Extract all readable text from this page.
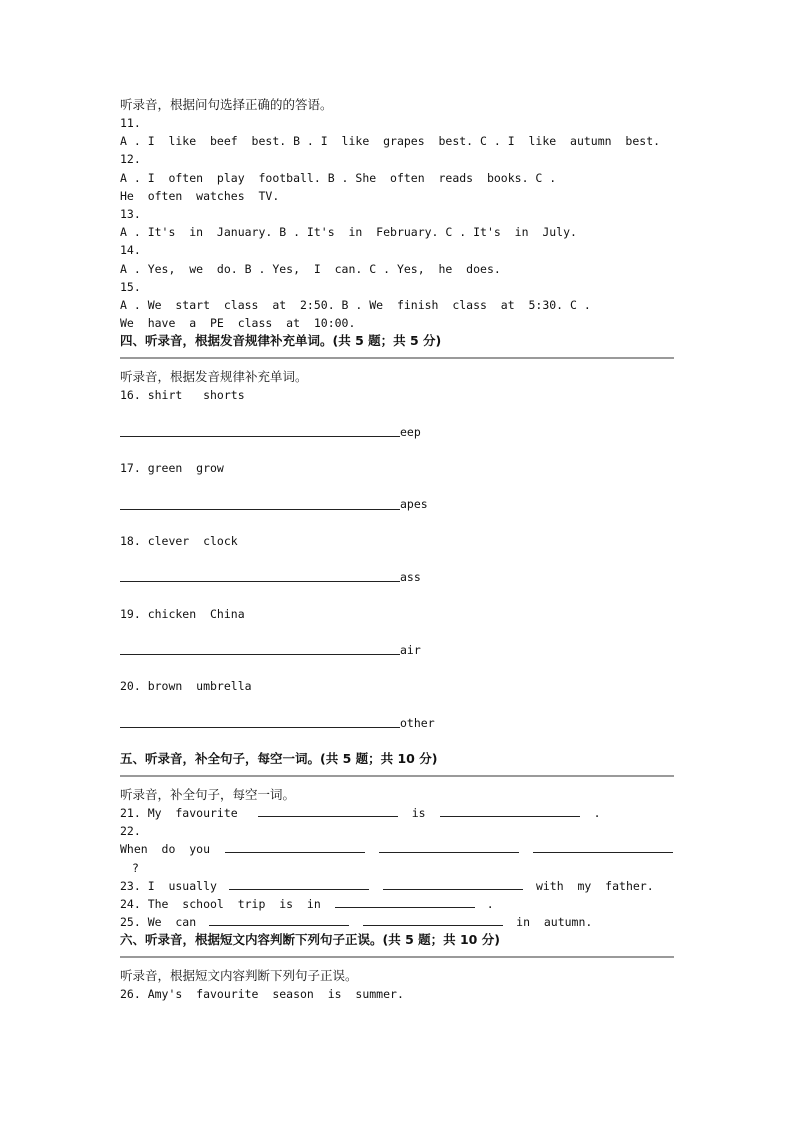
听录音，根据问句选择正确的的答语。
11.
A . I  like  beef  best. B . I  like  grapes  best. C . I  like  autumn  best.
12.
A . I  often  play  football. B . She  often  reads  books. C .
He  often  watches  TV.
13.
A . It's  in  January. B . It's  in  February. C . It's  in  July.
14.
A . Yes,  we  do. B . Yes,  I  can. C . Yes,  he  does.
15.
A . We  start  class  at  2:50. B . We  finish  class  at  5:30. C .
We  have  a  PE  class  at  10:00.
四、听录音，根据发音规律补充单词。(共 5 题；共 5 分)
听录音，根据发音规律补充单词。
16. shirt   shorts
eep
17. green  grow
apes
18. clever  clock
ass
19. chicken  China
air
20. brown  umbrella
other
五、听录音，补全句子，每空一词。(共 5 题；共 10 分)
听录音，补全句子，每空一词。
21. My  favourite	is	.
22.
When  do  you
?
23. I  usually	with  my  father.
24. The  school  trip  is  in	.
25. We  can	in  autumn.
六、听录音，根据短文内容判断下列句子正误。(共 5 题；共 10 分)
听录音，根据短文内容判断下列句子正误。
26. Amy's  favourite  season  is  summer.
